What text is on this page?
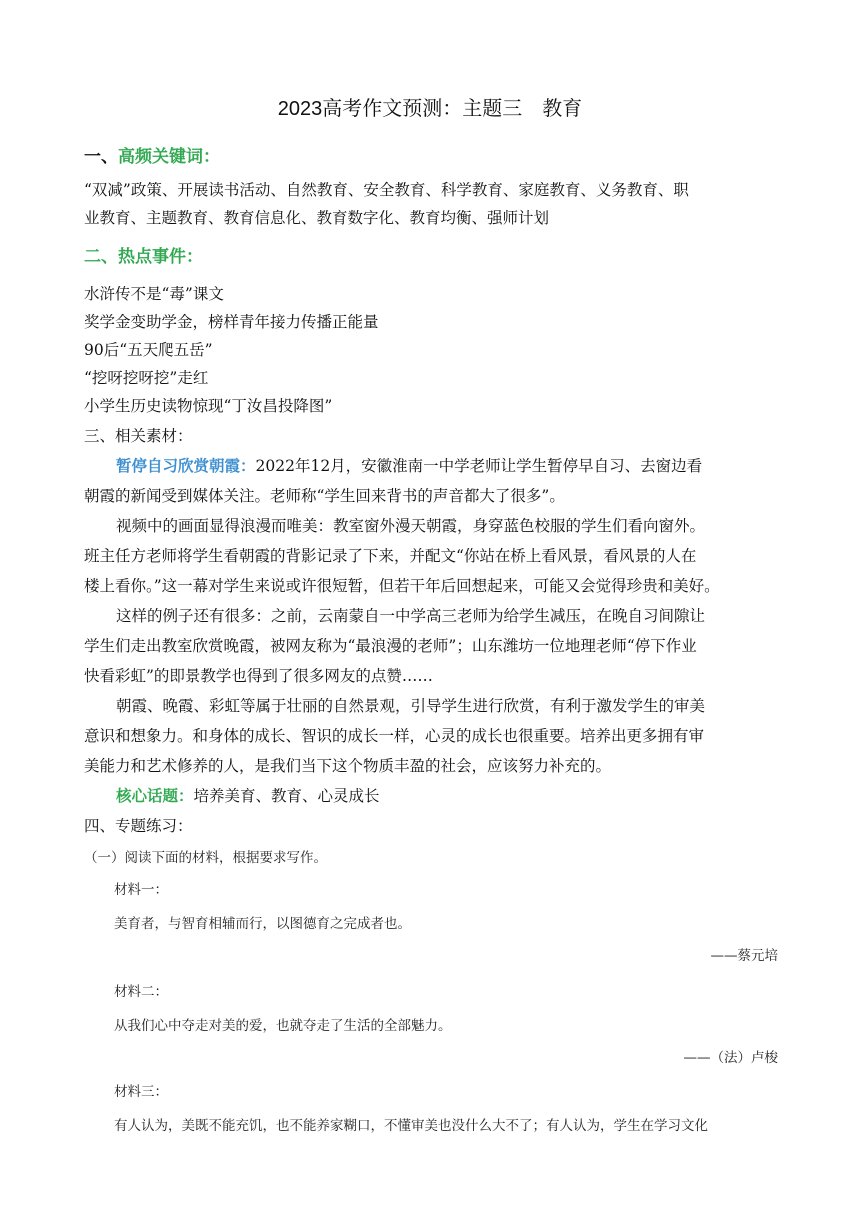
2023高考作文预测：主题三　教育
一、高频关键词：
“双减”政策、开展读书活动、自然教育、安全教育、科学教育、家庭教育、义务教育、职
业教育、主题教育、教育信息化、教育数字化、教育均衡、强师计划
二、热点事件：
水浒传不是“毒”课文
奖学金变助学金，榜样青年接力传播正能量
90后“五天爬五岳”
“挖呀挖呀挖”走红
小学生历史读物惊现“丁汝昌投降图”
三、相关素材：
暂停自习欣赏朝霞：2022年12月，安徽淮南一中学老师让学生暂停早自习、去窗边看
朝霞的新闻受到媒体关注。老师称“学生回来背书的声音都大了很多”。
视频中的画面显得浪漫而唯美：教室窗外漫天朝霞，身穿蓝色校服的学生们看向窗外。
班主任方老师将学生看朝霞的背影记录了下来，并配文“你站在桥上看风景，看风景的人在
楼上看你。”这一幕对学生来说或许很短暂，但若干年后回想起来，可能又会觉得珍贵和美好。
这样的例子还有很多：之前，云南蒙自一中学高三老师为给学生减压，在晚自习间隙让
学生们走出教室欣赏晚霞，被网友称为“最浪漫的老师”；山东潍坊一位地理老师“停下作业
快看彩虹”的即景教学也得到了很多网友的点赞……
朝霞、晚霞、彩虹等属于壮丽的自然景观，引导学生进行欣赏，有利于激发学生的审美
意识和想象力。和身体的成长、智识的成长一样，心灵的成长也很重要。培养出更多拥有审
美能力和艺术修养的人，是我们当下这个物质丰盈的社会，应该努力补充的。
核心话题：培养美育、教育、心灵成长
四、专题练习：
（一）阅读下面的材料，根据要求写作。
材料一：
美育者，与智育相辅而行，以图德育之完成者也。
——蔡元培
材料二：
从我们心中夺走对美的爱，也就夺走了生活的全部魅力。
——（法）卢梭
材料三：
有人认为，美既不能充饥，也不能养家糊口，不懂审美也没什么大不了；有人认为，学生在学习文化
